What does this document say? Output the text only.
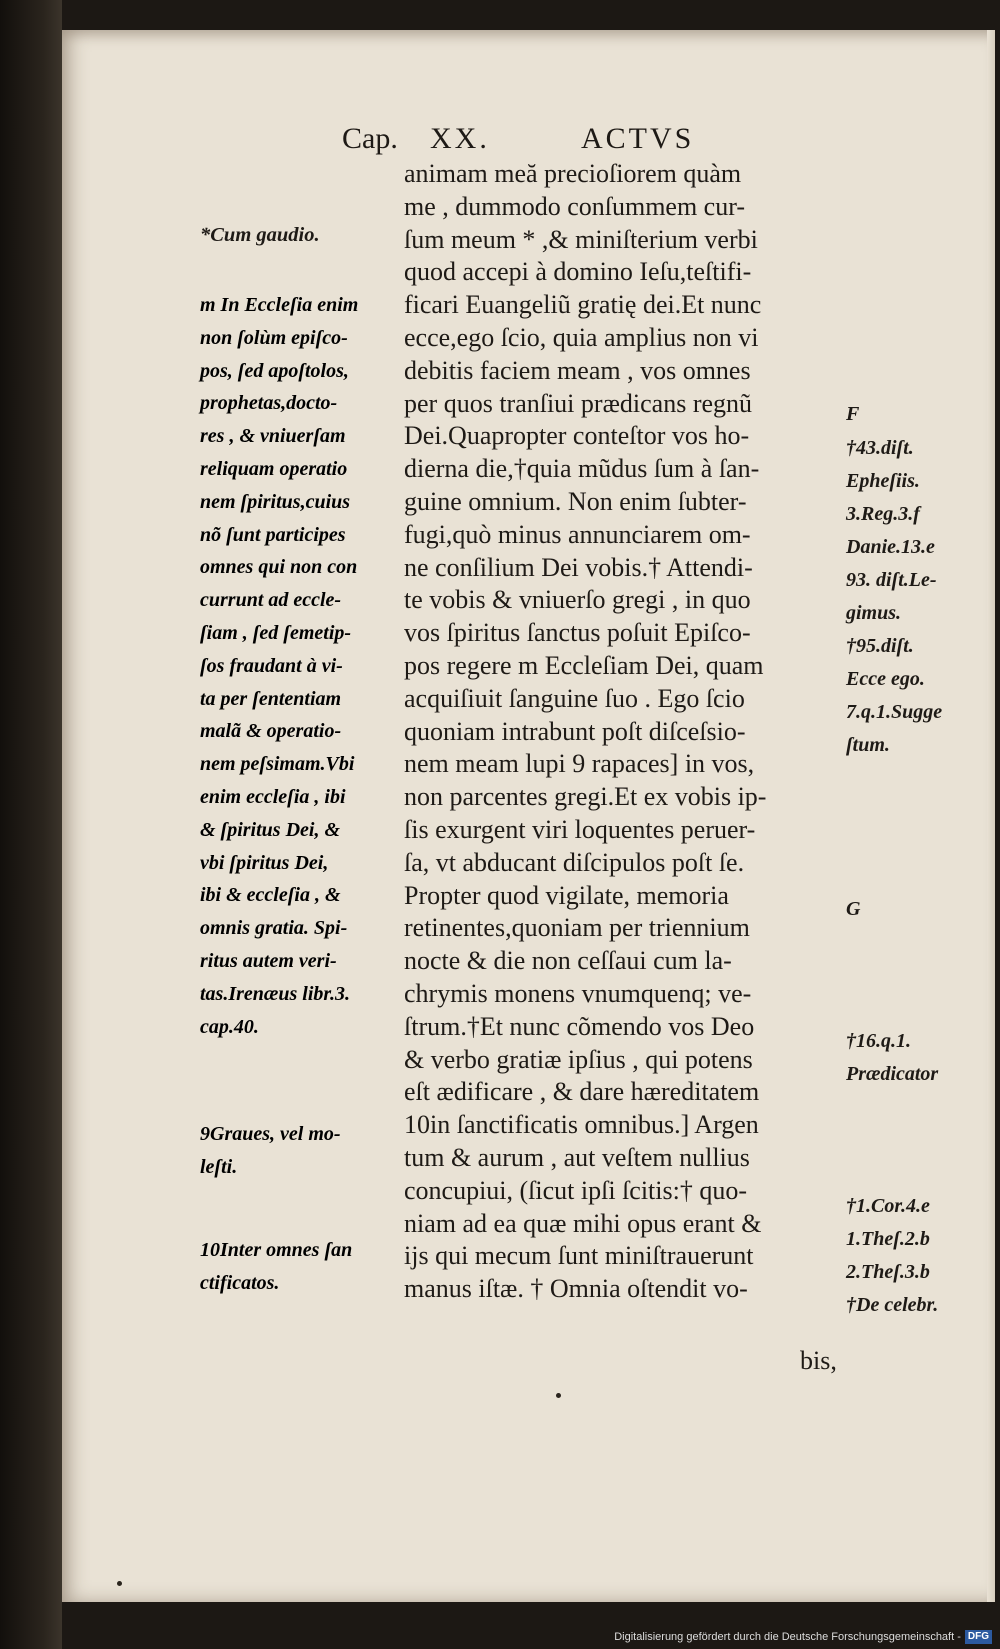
Cap. XX.	ACTVS
animam meă precioſiorem quàm
me , dummodo conſummem cur-
ſum meum * ,& miniſterium verbi
quod accepi à domino Ieſu,teſtifi-
ficari Euangeliũ gratię dei.Et nunc
ecce,ego ſcio, quia amplius non vi
debitis faciem meam , vos omnes
per quos tranſiui prædicans regnũ
Dei.Quapropter conteſtor vos ho-
dierna die,†quia mũdus ſum à ſan-
guine omnium. Non enim ſubter-
fugi,quò minus annunciarem om-
ne conſilium Dei vobis.† Attendi-
te vobis & vniuerſo gregi , in quo
vos ſpiritus ſanctus poſuit Epiſco-
pos regere m Eccleſiam Dei, quam
acquiſiuit ſanguine ſuo . Ego ſcio
quoniam intrabunt poſt diſceſsio-
nem meam lupi 9 rapaces] in vos,
non parcentes gregi.Et ex vobis ip-
ſis exurgent viri loquentes peruer-
ſa, vt abducant diſcipulos poſt ſe.
Propter quod vigilate, memoria
retinentes,quoniam per triennium
nocte & die non ceſſaui cum la-
chrymis monens vnumquenq; ve-
ſtrum.†Et nunc cõmendo vos Deo
& verbo gratiæ ipſius , qui potens
eſt ædificare , & dare hæreditatem
10in ſanctificatis omnibus.] Argen
tum & aurum , aut veſtem nullius
concupiui, (ſicut ipſi ſcitis:† quo-
niam ad ea quæ mihi opus erant &
ijs qui mecum ſunt miniſtrauerunt
manus iſtæ. † Omnia oſtendit vo-
*Cum gaudio.
m In Eccleſia enim
non ſolùm epiſco-
pos, ſed apoſtolos,
prophetas,docto-
res , & vniuerſam
reliquam operatio
nem ſpiritus,cuius
nõ ſunt participes
omnes qui non con
currunt ad eccle-
ſiam , ſed ſemetip-
ſos fraudant à vi-
ta per ſententiam
malã & operatio-
nem peſsimam.Vbi
enim eccleſia , ibi
& ſpiritus Dei, &
vbi ſpiritus Dei,
ibi & eccleſia , &
omnis gratia. Spi-
ritus autem veri-
tas.Irenæus libr.3.
cap.40.
9Graues, vel mo-
leſti.
10Inter omnes ſan
ctificatos.
F
†43.diſt.
Epheſiis.
3.Reg.3.f
Danie.13.e
93. diſt.Le-
gimus.
†95.diſt.
Ecce ego.
7.q.1.Sugge
ſtum.
G
†16.q.1.
Prædicator
†1.Cor.4.e
1.Theſ.2.b
2.Theſ.3.b
†De celebr.
bis,
Digitalisierung gefördert durch die Deutsche Forschungsgemeinschaft - DFG
